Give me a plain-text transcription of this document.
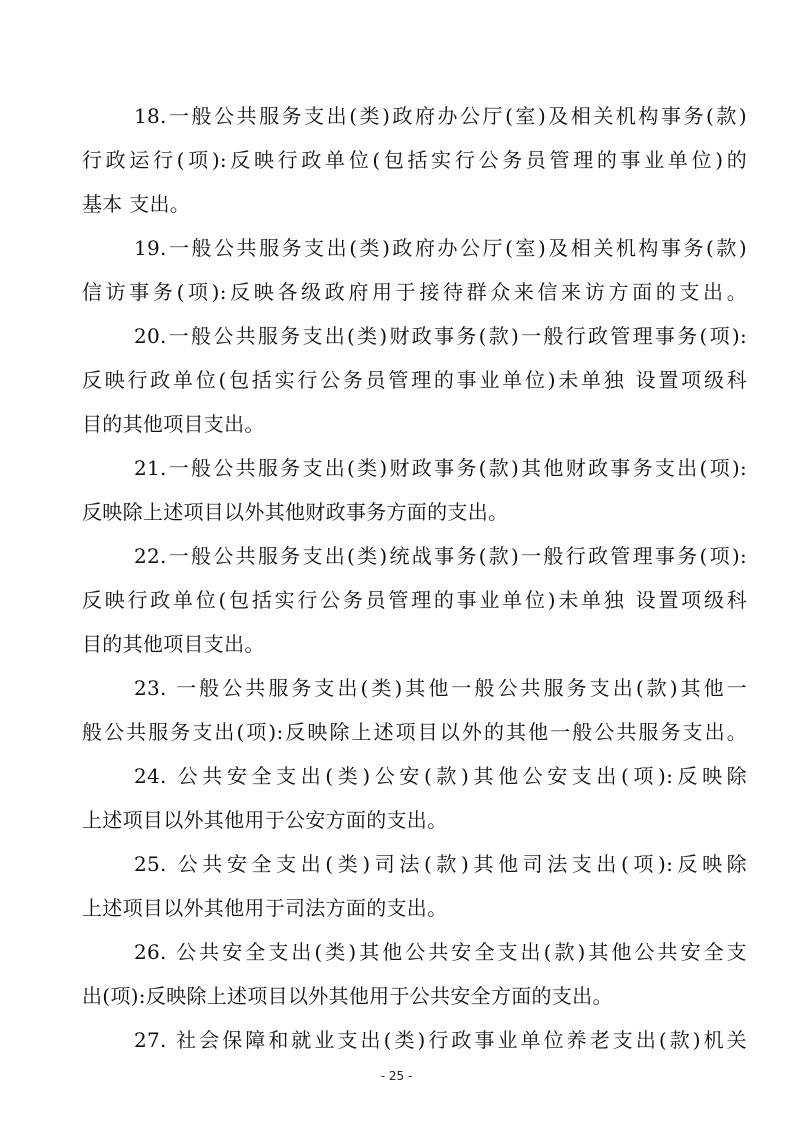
18.一般公共服务支出(类)政府办公厅(室)及相关机构事务(款)
行政运行(项):反映行政单位(包括实行公务员管理的事业单位)的
基本 支出。
19.一般公共服务支出(类)政府办公厅(室)及相关机构事务(款)
信访事务(项):反映各级政府用于接待群众来信来访方面的支出。
20.一般公共服务支出(类)财政事务(款)一般行政管理事务(项):
反映行政单位(包括实行公务员管理的事业单位)未单独 设置项级科
目的其他项目支出。
21.一般公共服务支出(类)财政事务(款)其他财政事务支出(项):
反映除上述项目以外其他财政事务方面的支出。
22.一般公共服务支出(类)统战事务(款)一般行政管理事务(项):
反映行政单位(包括实行公务员管理的事业单位)未单独 设置项级科
目的其他项目支出。
23. 一般公共服务支出(类)其他一般公共服务支出(款)其他一
般公共服务支出(项):反映除上述项目以外的其他一般公共服务支出。
24. 公共安全支出(类)公安(款)其他公安支出(项):反映除
上述项目以外其他用于公安方面的支出。
25. 公共安全支出(类)司法(款)其他司法支出(项):反映除
上述项目以外其他用于司法方面的支出。
26. 公共安全支出(类)其他公共安全支出(款)其他公共安全支
出(项):反映除上述项目以外其他用于公共安全方面的支出。
27. 社会保障和就业支出(类)行政事业单位养老支出(款)机关
- 25 -
